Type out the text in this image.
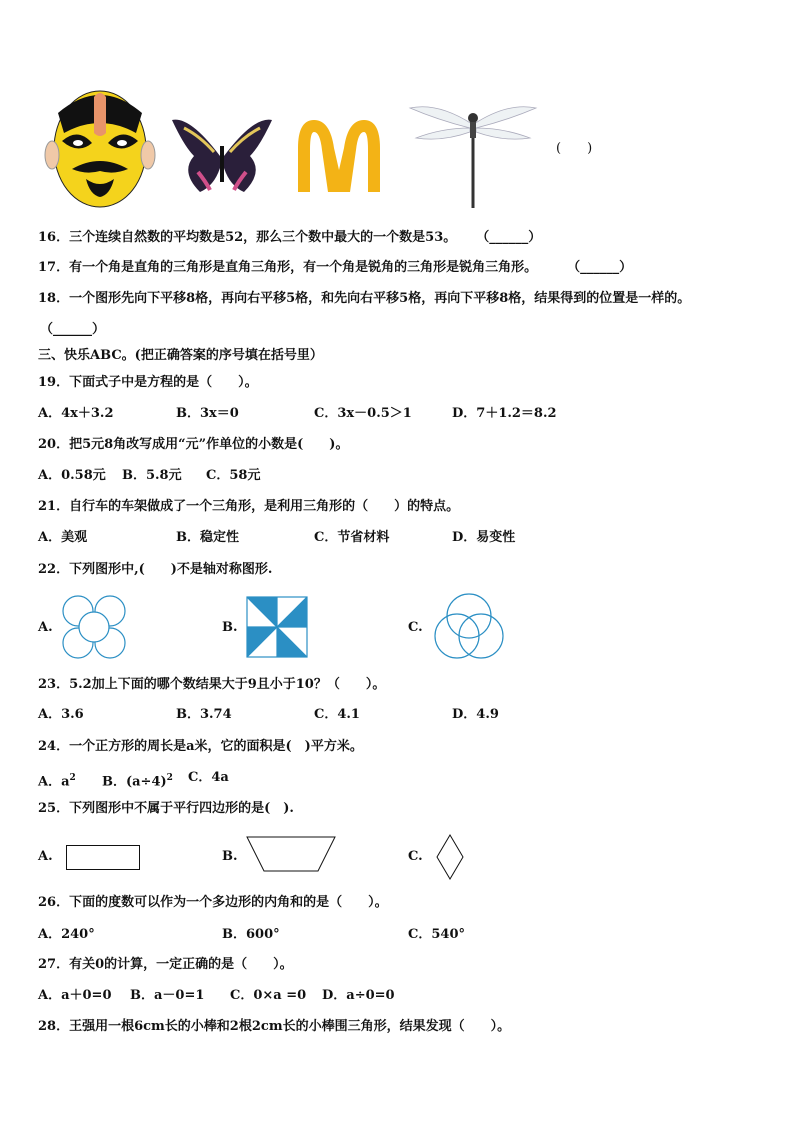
(　　)
16．三个连续自然数的平均数是52，那么三个数中最大的一个数是53。 （______）
17．有一个角是直角的三角形是直角三角形，有一个角是锐角的三角形是锐角三角形。 （______）
18．一个图形先向下平移8格，再向右平移5格，和先向右平移5格，再向下平移8格，结果得到的位置是一样的。
（______）
三、快乐ABC。(把正确答案的序号填在括号里）
19．下面式子中是方程的是（　　）。
A．4x＋3.2	B．3x＝0	C．3x－0.5＞1	D．7＋1.2＝8.2
20．把5元8角改写成用“元”作单位的小数是(　　)。
A．0.58元 B．5.8元 C．58元
21．自行车的车架做成了一个三角形，是利用三角形的（　　）的特点。
A．美观	B．稳定性	C．节省材料	D．易变性
22．下列图形中,(　　)不是轴对称图形.
A.	B.	C.
23．5.2加上下面的哪个数结果大于9且小于10？（　　）。
A．3.6	B．3.74	C．4.1	D．4.9
24．一个正方形的周长是a米，它的面积是(　)平方米。
A．$a^2$ B．$(a\div 4)^2$ C．4a
25．下列图形中不属于平行四边形的是(　).
A.	B.	C.
26．下面的度数可以作为一个多边形的内角和的是（　　）。
A．240°	B．600°	C．540°
27．有关0的计算，一定正确的是（　　）。
A．a＋0=0 B．a－0=1 C．0×a =0 D．a÷0=0
28．王强用一根6cm长的小棒和2根2cm长的小棒围三角形，结果发现（　　）。
